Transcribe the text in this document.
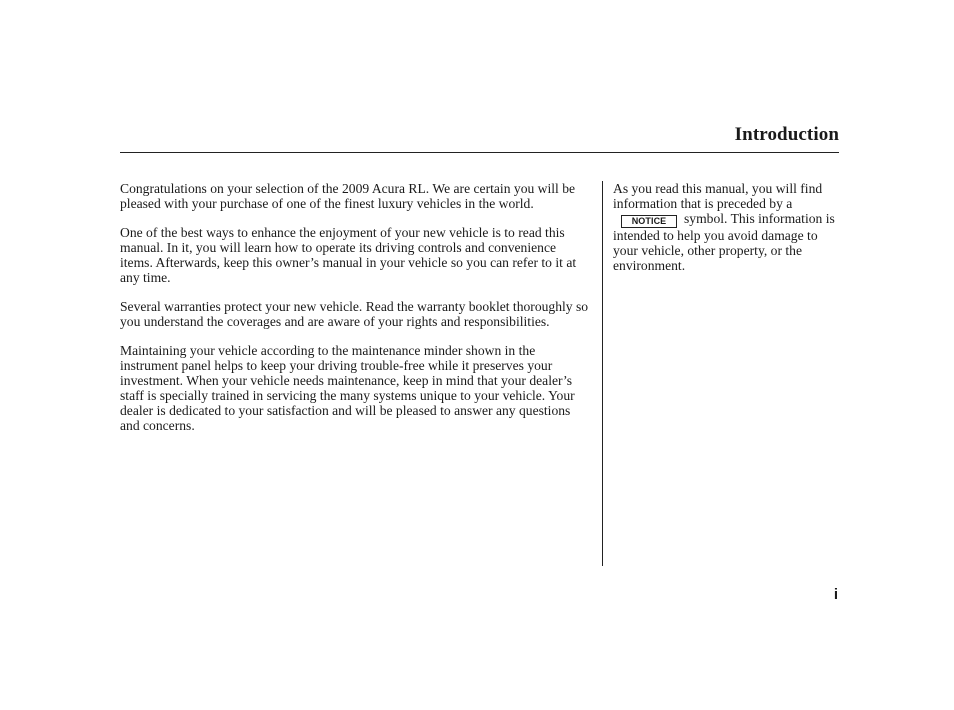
Introduction

Congratulations on your selection of the 2009 Acura RL. We are certain you will be pleased with your purchase of one of the finest luxury vehicles in the world.

One of the best ways to enhance the enjoyment of your new vehicle is to read this manual. In it, you will learn how to operate its driving controls and convenience items. Afterwards, keep this owner’s manual in your vehicle so you can refer to it at any time.

Several warranties protect your new vehicle. Read the warranty booklet thoroughly so you understand the coverages and are aware of your rights and responsibilities.

Maintaining your vehicle according to the maintenance minder shown in the instrument panel helps to keep your driving trouble-free while it preserves your investment. When your vehicle needs maintenance, keep in mind that your dealer’s staff is specially trained in servicing the many systems unique to your vehicle. Your dealer is dedicated to your satisfaction and will be pleased to answer any questions and concerns.

As you read this manual, you will find information that is preceded by aNOTICE symbol. This information is intended to help you avoid damage to your vehicle, other property, or the environment.

i
